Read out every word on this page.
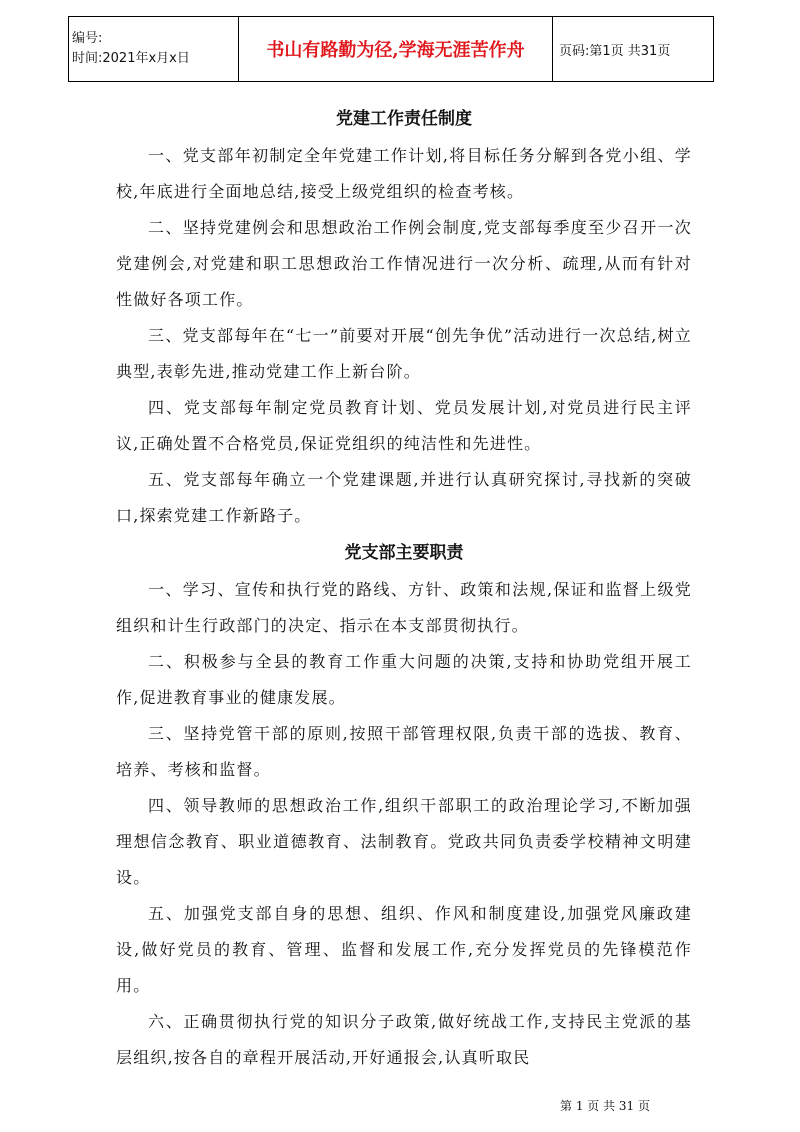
编号:
时间:2021年x月x日	书山有路勤为径,学海无涯苦作舟	页码:第1页 共31页
党建工作责任制度

一、党支部年初制定全年党建工作计划,将目标任务分解到各党小组、学校,年底进行全面地总结,接受上级党组织的检查考核。

二、坚持党建例会和思想政治工作例会制度,党支部每季度至少召开一次党建例会,对党建和职工思想政治工作情况进行一次分析、疏理,从而有针对性做好各项工作。

三、党支部每年在“七一”前要对开展“创先争优”活动进行一次总结,树立典型,表彰先进,推动党建工作上新台阶。

四、党支部每年制定党员教育计划、党员发展计划,对党员进行民主评议,正确处置不合格党员,保证党组织的纯洁性和先进性。

五、党支部每年确立一个党建课题,并进行认真研究探讨,寻找新的突破口,探索党建工作新路子。

党支部主要职责

一、学习、宣传和执行党的路线、方针、政策和法规,保证和监督上级党组织和计生行政部门的决定、指示在本支部贯彻执行。

二、积极参与全县的教育工作重大问题的决策,支持和协助党组开展工作,促进教育事业的健康发展。

三、坚持党管干部的原则,按照干部管理权限,负责干部的选拔、教育、培养、考核和监督。

四、领导教师的思想政治工作,组织干部职工的政治理论学习,不断加强理想信念教育、职业道德教育、法制教育。党政共同负责委学校精神文明建设。

五、加强党支部自身的思想、组织、作风和制度建设,加强党风廉政建设,做好党员的教育、管理、监督和发展工作,充分发挥党员的先锋模范作用。

六、正确贯彻执行党的知识分子政策,做好统战工作,支持民主党派的基层组织,按各自的章程开展活动,开好通报会,认真听取民

第 1 页 共 31 页
